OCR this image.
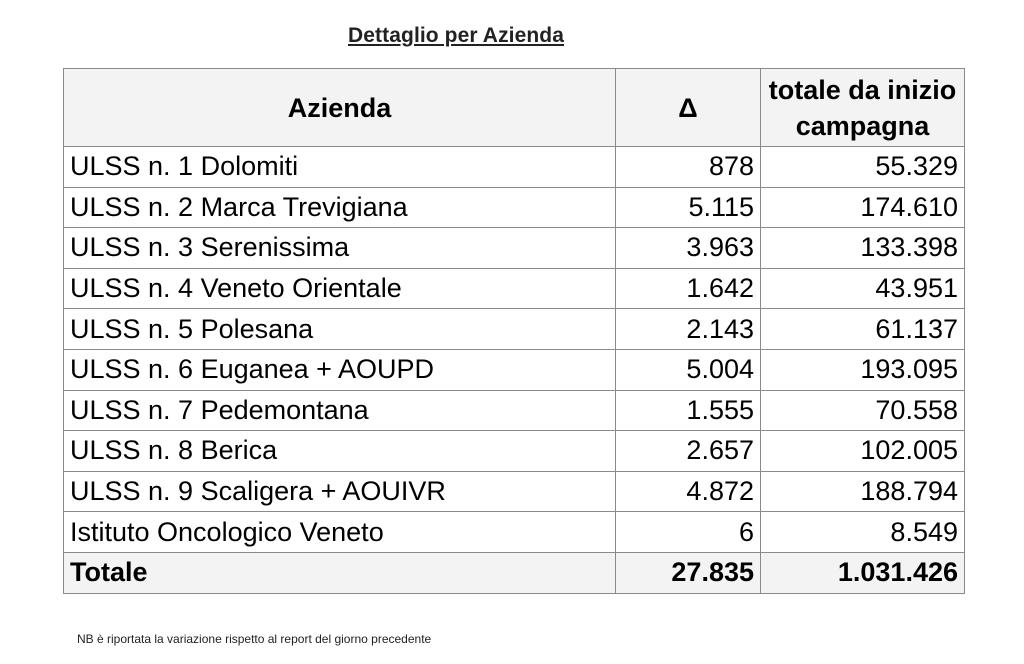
Dettaglio per Azienda
Azienda	Δ	totale da inizio campagna
ULSS n. 1 Dolomiti	878	55.329
ULSS n. 2 Marca Trevigiana	5.115	174.610
ULSS n. 3 Serenissima	3.963	133.398
ULSS n. 4 Veneto Orientale	1.642	43.951
ULSS n. 5 Polesana	2.143	61.137
ULSS n. 6 Euganea + AOUPD	5.004	193.095
ULSS n. 7 Pedemontana	1.555	70.558
ULSS n. 8 Berica	2.657	102.005
ULSS n. 9 Scaligera + AOUIVR	4.872	188.794
Istituto Oncologico Veneto	6	8.549
Totale	27.835	1.031.426

NB è riportata la variazione rispetto al report del giorno precedente
